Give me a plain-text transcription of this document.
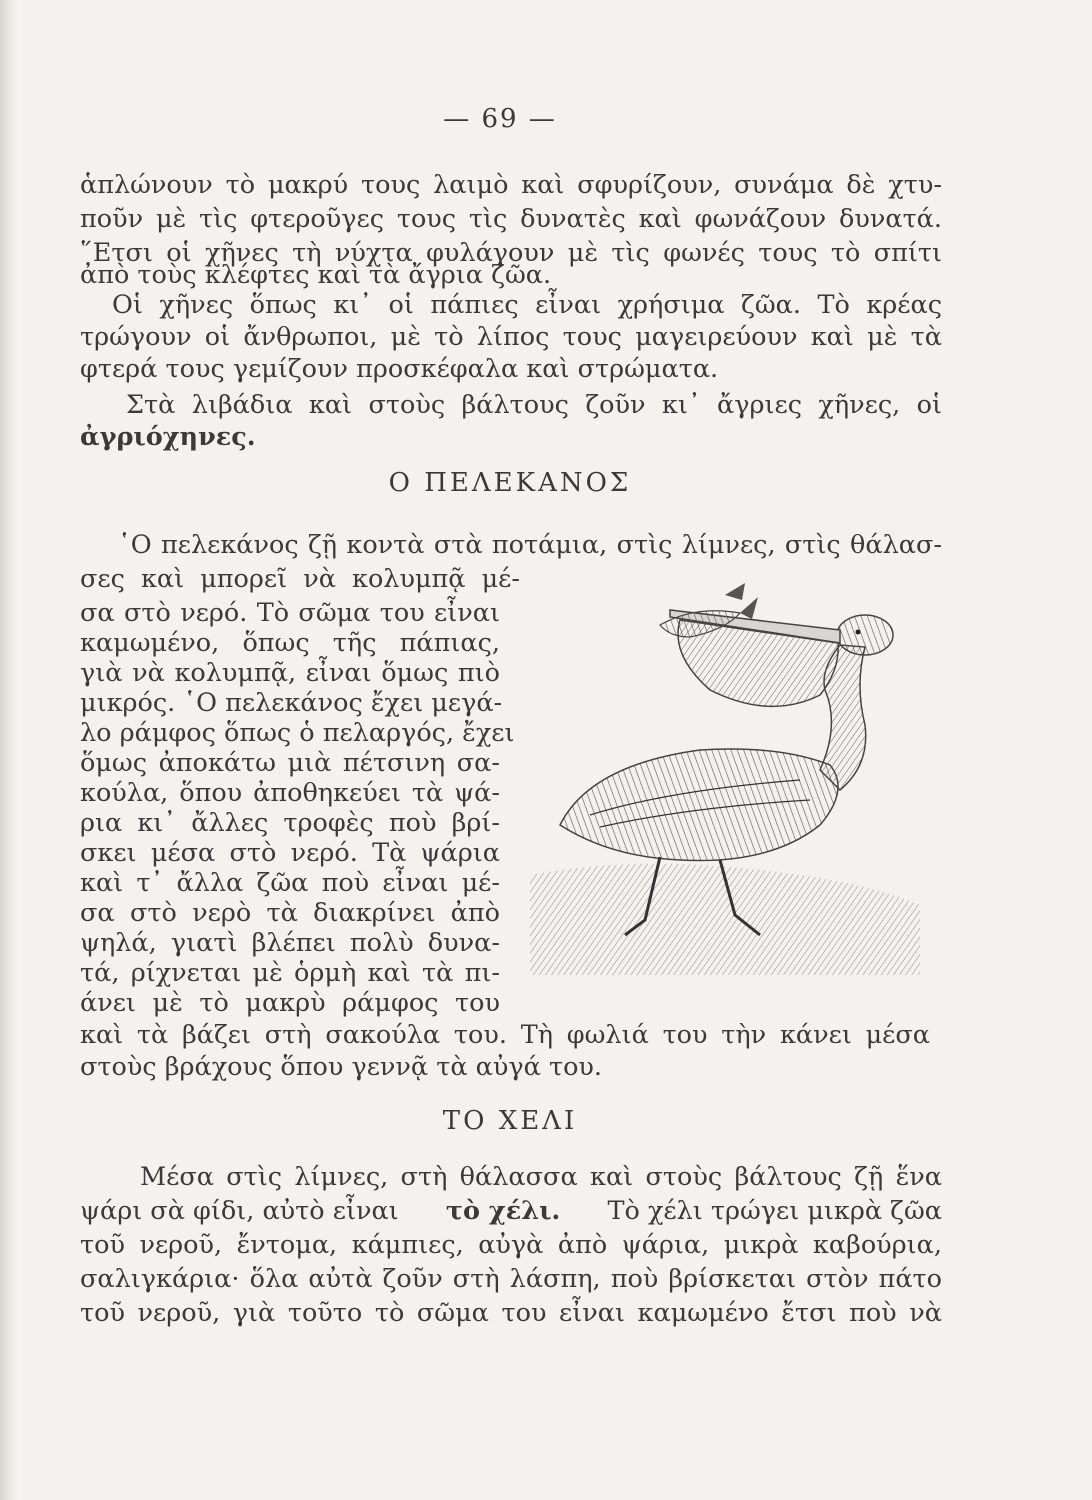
— 69 —
ἁπλώνουν τὸ μακρύ τους λαιμὸ καὶ σφυρίζουν, συνάμα δὲ χτυ-
ποῦν μὲ τὶς φτεροῦγες τους τὶς δυνατὲς καὶ φωνάζουν δυνατά.
῞Ετσι οἱ χῆνες τὴ νύχτα φυλάγουν μὲ τὶς φωνές τους τὸ σπίτι
ἀπὸ τοὺς κλέφτες καὶ τὰ ἄγρια ζῶα.
Οἱ χῆνες ὅπως κι᾿ οἱ πάπιες εἶναι χρήσιμα ζῶα. Τὸ κρέας
τρώγουν οἱ ἄνθρωποι, μὲ τὸ λίπος τους μαγειρεύουν καὶ μὲ τὰ
φτερά τους γεμίζουν προσκέφαλα καὶ στρώματα.
Στὰ λιβάδια καὶ στοὺς βάλτους ζοῦν κι᾿ ἄγριες χῆνες, οἱ
ἀγριόχηνες.
Ο ΠΕΛΕΚΑΝΟΣ
῾Ο πελεκάνος ζῇ κοντὰ στὰ ποτάμια, στὶς λίμνες, στὶς θάλασ-
σες καὶ μπορεῖ νὰ κολυμπᾷ μέ-
σα στὸ νερό. Τὸ σῶμα του εἶναι
καμωμένο, ὅπως τῆς πάπιας,
γιὰ νὰ κολυμπᾷ, εἶναι ὅμως πιὸ
μικρός. ῾Ο πελεκάνος ἔχει μεγά-
λο ράμφος ὅπως ὁ πελαργός, ἔχει
ὅμως ἀποκάτω μιὰ πέτσινη σα-
κούλα, ὅπου ἀποθηκεύει τὰ ψά-
ρια κι᾿ ἄλλες τροφὲς ποὺ βρί-
σκει μέσα στὸ νερό. Τὰ ψάρια
καὶ τ᾿ ἄλλα ζῶα ποὺ εἶναι μέ-
σα στὸ νερὸ τὰ διακρίνει ἀπὸ
ψηλά, γιατὶ βλέπει πολὺ δυνα-
τά, ρίχνεται μὲ ὁρμὴ καὶ τὰ πι-
άνει μὲ τὸ μακρὺ ράμφος του
καὶ τὰ βάζει στὴ σακούλα του. Τὴ φωλιά του τὴν κάνει μέσα
στοὺς βράχους ὅπου γεννᾷ τὰ αὐγά του.
ΤΟ ΧΕΛΙ
Μέσα στὶς λίμνες, στὴ θάλασσα καὶ στοὺς βάλτους ζῇ ἕνα
ψάρι σὰ φίδι, αὐτὸ εἶναι τὸ χέλι. Τὸ χέλι τρώγει μικρὰ ζῶα
τοῦ νεροῦ, ἔντομα, κάμπιες, αὐγὰ ἀπὸ ψάρια, μικρὰ καβούρια,
σαλιγκάρια· ὅλα αὐτὰ ζοῦν στὴ λάσπη, ποὺ βρίσκεται στὸν πάτο
τοῦ νεροῦ, γιὰ τοῦτο τὸ σῶμα του εἶναι καμωμένο ἔτσι ποὺ νὰ
